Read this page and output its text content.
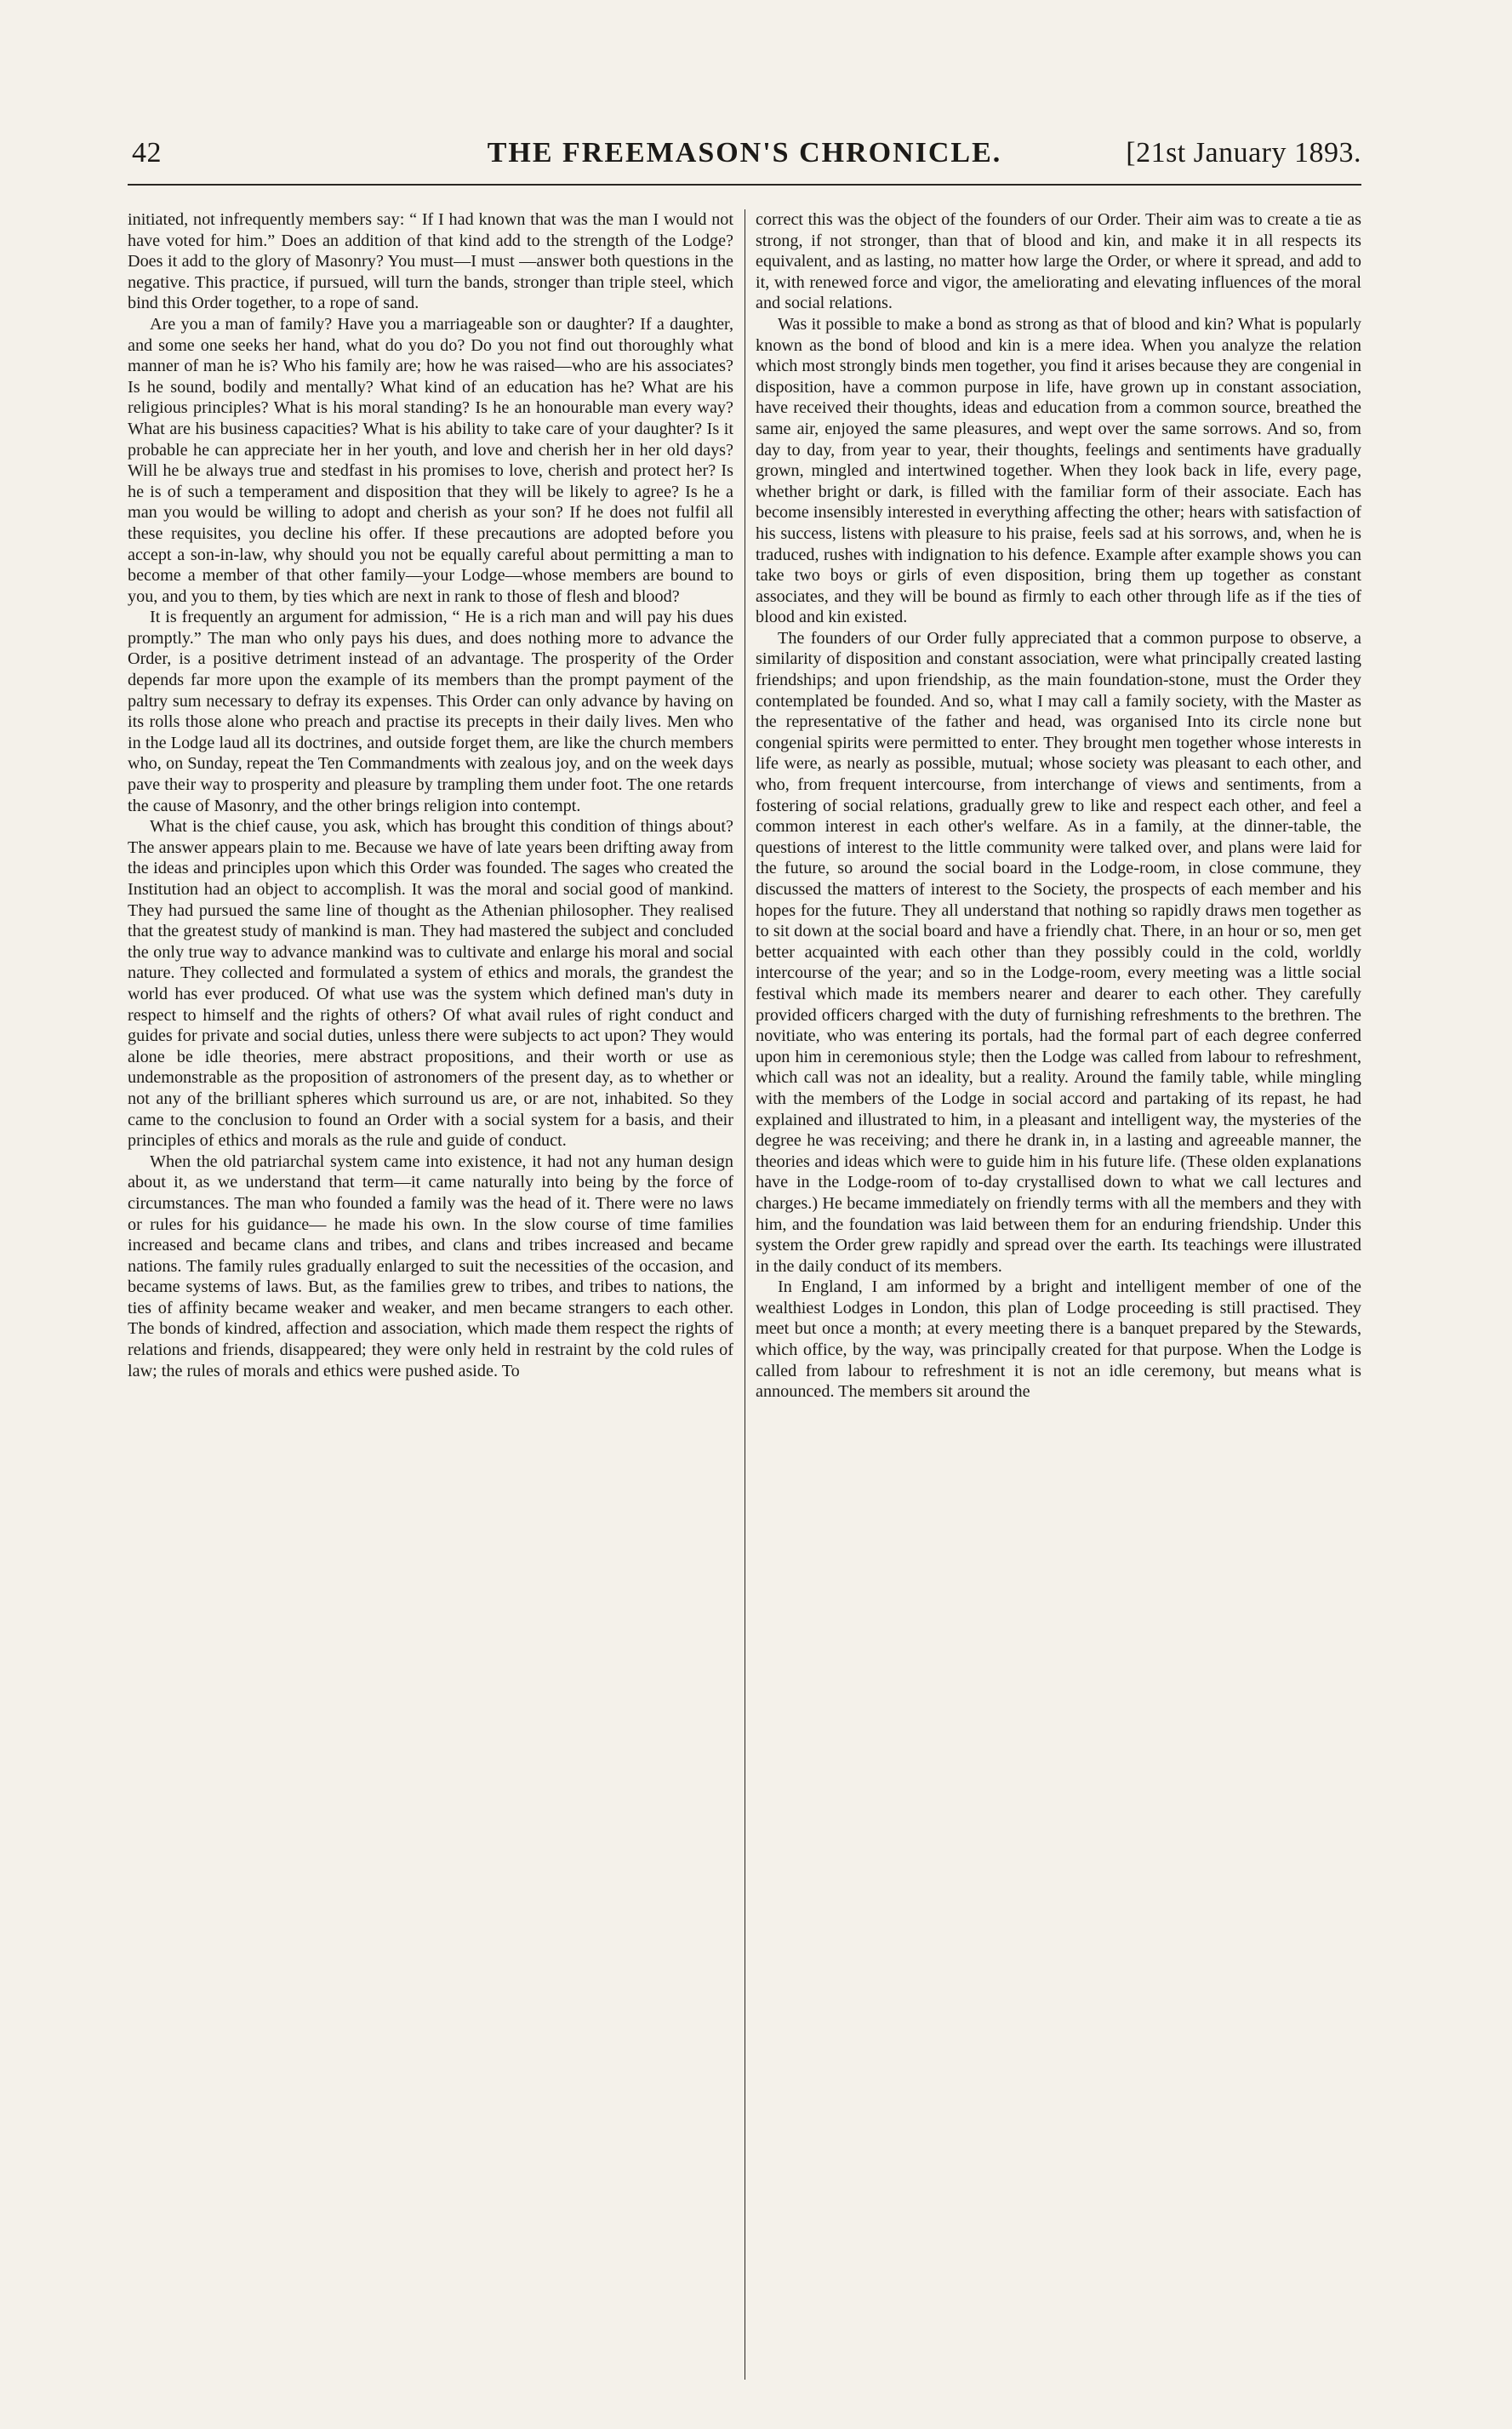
42	THE FREEMASON'S CHRONICLE.	[21st January 1893.

initiated, not infrequently members say: “ If I had known that was the man I would not have voted for him.” Does an addition of that kind add to the strength of the Lodge? Does it add to the glory of Masonry? You must—I must —answer both questions in the negative. This practice, if pursued, will turn the bands, stronger than triple steel, which bind this Order together, to a rope of sand.

Are you a man of family? Have you a marriageable son or daughter? If a daughter, and some one seeks her hand, what do you do? Do you not find out thoroughly what manner of man he is? Who his family are; how he was raised—who are his associates? Is he sound, bodily and mentally? What kind of an education has he? What are his religious principles? What is his moral standing? Is he an honourable man every way? What are his business capacities? What is his ability to take care of your daughter? Is it probable he can appreciate her in her youth, and love and cherish her in her old days? Will he be always true and stedfast in his promises to love, cherish and protect her? Is he is of such a temperament and disposition that they will be likely to agree? Is he a man you would be willing to adopt and cherish as your son? If he does not fulfil all these requisites, you decline his offer. If these precautions are adopted before you accept a son-in-law, why should you not be equally careful about permitting a man to become a member of that other family—your Lodge—whose members are bound to you, and you to them, by ties which are next in rank to those of flesh and blood?

It is frequently an argument for admission, “ He is a rich man and will pay his dues promptly.” The man who only pays his dues, and does nothing more to advance the Order, is a positive detriment instead of an advantage. The prosperity of the Order depends far more upon the example of its members than the prompt payment of the paltry sum necessary to defray its expenses. This Order can only advance by having on its rolls those alone who preach and practise its precepts in their daily lives. Men who in the Lodge laud all its doctrines, and outside forget them, are like the church members who, on Sunday, repeat the Ten Commandments with zealous joy, and on the week days pave their way to prosperity and pleasure by trampling them under foot. The one retards the cause of Masonry, and the other brings religion into contempt.

What is the chief cause, you ask, which has brought this condition of things about? The answer appears plain to me. Because we have of late years been drifting away from the ideas and principles upon which this Order was founded. The sages who created the Institution had an object to accomplish. It was the moral and social good of mankind. They had pursued the same line of thought as the Athenian philosopher. They realised that the greatest study of mankind is man. They had mastered the subject and concluded the only true way to advance mankind was to cultivate and enlarge his moral and social nature. They collected and formulated a system of ethics and morals, the grandest the world has ever produced. Of what use was the system which defined man's duty in respect to himself and the rights of others? Of what avail rules of right conduct and guides for private and social duties, unless there were subjects to act upon? They would alone be idle theories, mere abstract propositions, and their worth or use as undemonstrable as the proposition of astronomers of the present day, as to whether or not any of the brilliant spheres which surround us are, or are not, inhabited. So they came to the conclusion to found an Order with a social system for a basis, and their principles of ethics and morals as the rule and guide of conduct.

When the old patriarchal system came into existence, it had not any human design about it, as we understand that term—it came naturally into being by the force of circumstances. The man who founded a family was the head of it. There were no laws or rules for his guidance— he made his own. In the slow course of time families increased and became clans and tribes, and clans and tribes increased and became nations. The family rules gradually enlarged to suit the necessities of the occasion, and became systems of laws. But, as the families grew to tribes, and tribes to nations, the ties of affinity became weaker and weaker, and men became strangers to each other. The bonds of kindred, affection and association, which made them respect the rights of relations and friends, disappeared; they were only held in restraint by the cold rules of law; the rules of morals and ethics were pushed aside. To

correct this was the object of the founders of our Order. Their aim was to create a tie as strong, if not stronger, than that of blood and kin, and make it in all respects its equivalent, and as lasting, no matter how large the Order, or where it spread, and add to it, with renewed force and vigor, the ameliorating and elevating influences of the moral and social relations.

Was it possible to make a bond as strong as that of blood and kin? What is popularly known as the bond of blood and kin is a mere idea. When you analyze the relation which most strongly binds men together, you find it arises because they are congenial in disposition, have a common purpose in life, have grown up in constant association, have received their thoughts, ideas and education from a common source, breathed the same air, enjoyed the same pleasures, and wept over the same sorrows. And so, from day to day, from year to year, their thoughts, feelings and sentiments have gradually grown, mingled and intertwined together. When they look back in life, every page, whether bright or dark, is filled with the familiar form of their associate. Each has become insensibly interested in everything affecting the other; hears with satisfaction of his success, listens with pleasure to his praise, feels sad at his sorrows, and, when he is traduced, rushes with indignation to his defence. Example after example shows you can take two boys or girls of even disposition, bring them up together as constant associates, and they will be bound as firmly to each other through life as if the ties of blood and kin existed.

The founders of our Order fully appreciated that a common purpose to observe, a similarity of disposition and constant association, were what principally created lasting friendships; and upon friendship, as the main foundation-stone, must the Order they contemplated be founded. And so, what I may call a family society, with the Master as the representative of the father and head, was organised Into its circle none but congenial spirits were permitted to enter. They brought men together whose interests in life were, as nearly as possible, mutual; whose society was pleasant to each other, and who, from frequent intercourse, from interchange of views and sentiments, from a fostering of social relations, gradually grew to like and respect each other, and feel a common interest in each other's welfare. As in a family, at the dinner-table, the questions of interest to the little community were talked over, and plans were laid for the future, so around the social board in the Lodge-room, in close commune, they discussed the matters of interest to the Society, the prospects of each member and his hopes for the future. They all understand that nothing so rapidly draws men together as to sit down at the social board and have a friendly chat. There, in an hour or so, men get better acquainted with each other than they possibly could in the cold, worldly intercourse of the year; and so in the Lodge-room, every meeting was a little social festival which made its members nearer and dearer to each other. They carefully provided officers charged with the duty of furnishing refreshments to the brethren. The novitiate, who was entering its portals, had the formal part of each degree conferred upon him in ceremonious style; then the Lodge was called from labour to refreshment, which call was not an ideality, but a reality. Around the family table, while mingling with the members of the Lodge in social accord and partaking of its repast, he had explained and illustrated to him, in a pleasant and intelligent way, the mysteries of the degree he was receiving; and there he drank in, in a lasting and agreeable manner, the theories and ideas which were to guide him in his future life. (These olden explanations have in the Lodge-room of to-day crystallised down to what we call lectures and charges.) He became immediately on friendly terms with all the members and they with him, and the foundation was laid between them for an enduring friendship. Under this system the Order grew rapidly and spread over the earth. Its teachings were illustrated in the daily conduct of its members.

In England, I am informed by a bright and intelligent member of one of the wealthiest Lodges in London, this plan of Lodge proceeding is still practised. They meet but once a month; at every meeting there is a banquet prepared by the Stewards, which office, by the way, was principally created for that purpose. When the Lodge is called from labour to refreshment it is not an idle ceremony, but means what is announced. The members sit around the
